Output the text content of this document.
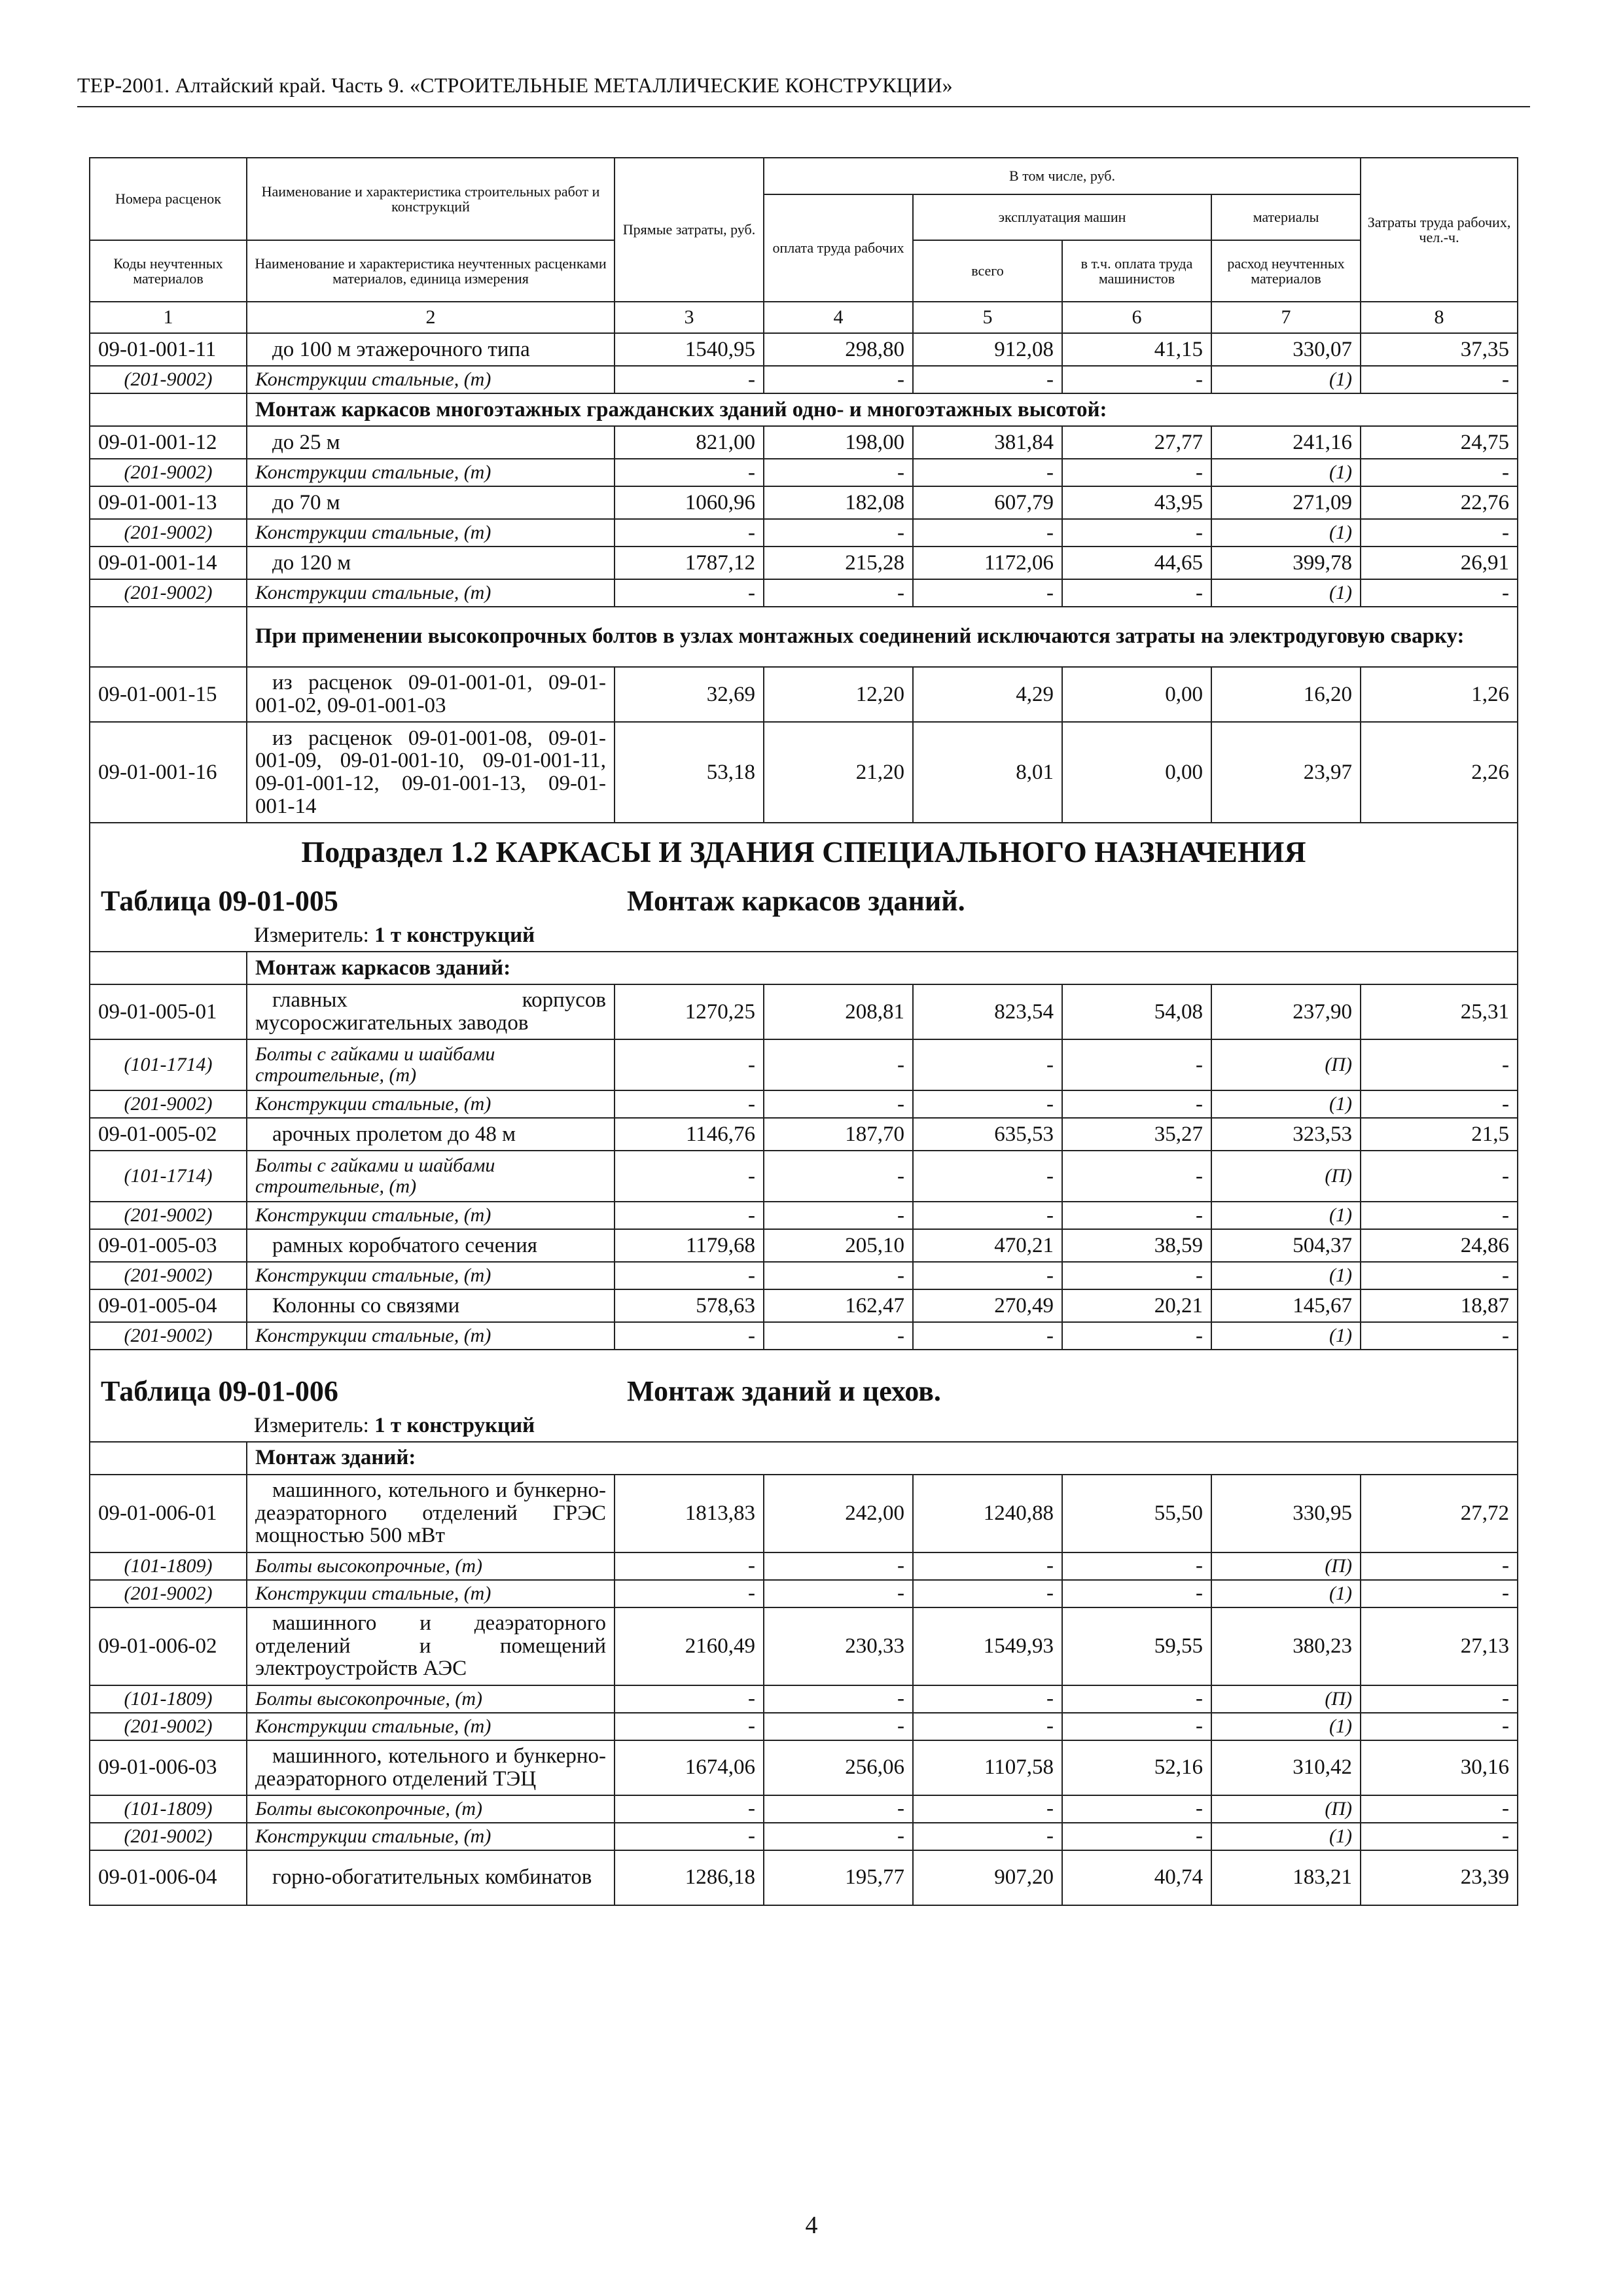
ТЕР-2001. Алтайский край. Часть 9. «СТРОИТЕЛЬНЫЕ МЕТАЛЛИЧЕСКИЕ КОНСТРУКЦИИ»
Номера расценок	Наименование и характеристика строительных работ и конструкций	Прямые затраты, руб.	В том числе, руб.				Затраты труда рабочих, чел.-ч.
			оплата труда рабочих	эксплуатация машин		материалы	
Коды неучтенных материалов	Наименование и характеристика неучтенных расценками материалов, единица измерения			всего	в т.ч. оплата труда машинистов	расход неучтенных материалов	

1	2	3	4	5	6	7	8
09-01-001-11	до 100 м этажерочного типа	1540,95	298,80	912,08	41,15	330,07	37,35
(201-9002)	Конструкции стальные, (т)	-	-	-	-	(1)	-
	Монтаж каркасов многоэтажных гражданских зданий одно- и многоэтажных высотой:						
09-01-001-12	до 25 м	821,00	198,00	381,84	27,77	241,16	24,75
(201-9002)	Конструкции стальные, (т)	-	-	-	-	(1)	-
09-01-001-13	до 70 м	1060,96	182,08	607,79	43,95	271,09	22,76
(201-9002)	Конструкции стальные, (т)	-	-	-	-	(1)	-
09-01-001-14	до 120 м	1787,12	215,28	1172,06	44,65	399,78	26,91
(201-9002)	Конструкции стальные, (т)	-	-	-	-	(1)	-
	При применении высокопрочных болтов в узлах монтажных соединений исключаются затраты на электродуговую сварку:						
09-01-001-15	из расценок 09-01-001-01, 09-01-001-02, 09-01-001-03	32,69	12,20	4,29	0,00	16,20	1,26
09-01-001-16	из расценок 09-01-001-08, 09-01-001-09, 09-01-001-10, 09-01-001-11, 09-01-001-12, 09-01-001-13, 09-01-001-14	53,18	21,20	8,01	0,00	23,97	2,26

Подраздел 1.2 КАРКАСЫ И ЗДАНИЯ СПЕЦИАЛЬНОГО НАЗНАЧЕНИЯ
Таблица 09-01-005 Монтаж каркасов зданий.
Измеритель: 1 т конструкций							

	Монтаж каркасов зданий:						
09-01-005-01	главных корпусов мусоросжигательных заводов	1270,25	208,81	823,54	54,08	237,90	25,31
(101-1714)	Болты с гайками и шайбами строительные, (т)	-	-	-	-	(П)	-
(201-9002)	Конструкции стальные, (т)	-	-	-	-	(1)	-
09-01-005-02	арочных пролетом до 48 м	1146,76	187,70	635,53	35,27	323,53	21,5
(101-1714)	Болты с гайками и шайбами строительные, (т)	-	-	-	-	(П)	-
(201-9002)	Конструкции стальные, (т)	-	-	-	-	(1)	-
09-01-005-03	рамных коробчатого сечения	1179,68	205,10	470,21	38,59	504,37	24,86
(201-9002)	Конструкции стальные, (т)	-	-	-	-	(1)	-
09-01-005-04	Колонны со связями	578,63	162,47	270,49	20,21	145,67	18,87
(201-9002)	Конструкции стальные, (т)	-	-	-	-	(1)	-

Таблица 09-01-006 Монтаж зданий и цехов.
Измеритель: 1 т конструкций							

	Монтаж зданий:						
09-01-006-01	машинного, котельного и бункерно-деаэраторного отделений ГРЭС мощностью 500 мВт	1813,83	242,00	1240,88	55,50	330,95	27,72
(101-1809)	Болты высокопрочные, (т)	-	-	-	-	(П)	-
(201-9002)	Конструкции стальные, (т)	-	-	-	-	(1)	-
09-01-006-02	машинного и деаэраторного отделений и помещений электроустройств АЭС	2160,49	230,33	1549,93	59,55	380,23	27,13
(101-1809)	Болты высокопрочные, (т)	-	-	-	-	(П)	-
(201-9002)	Конструкции стальные, (т)	-	-	-	-	(1)	-
09-01-006-03	машинного, котельного и бункерно-деаэраторного отделений ТЭЦ	1674,06	256,06	1107,58	52,16	310,42	30,16
(101-1809)	Болты высокопрочные, (т)	-	-	-	-	(П)	-
(201-9002)	Конструкции стальные, (т)	-	-	-	-	(1)	-
09-01-006-04	горно-обогатительных комбинатов	1286,18	195,77	907,20	40,74	183,21	23,39
4
